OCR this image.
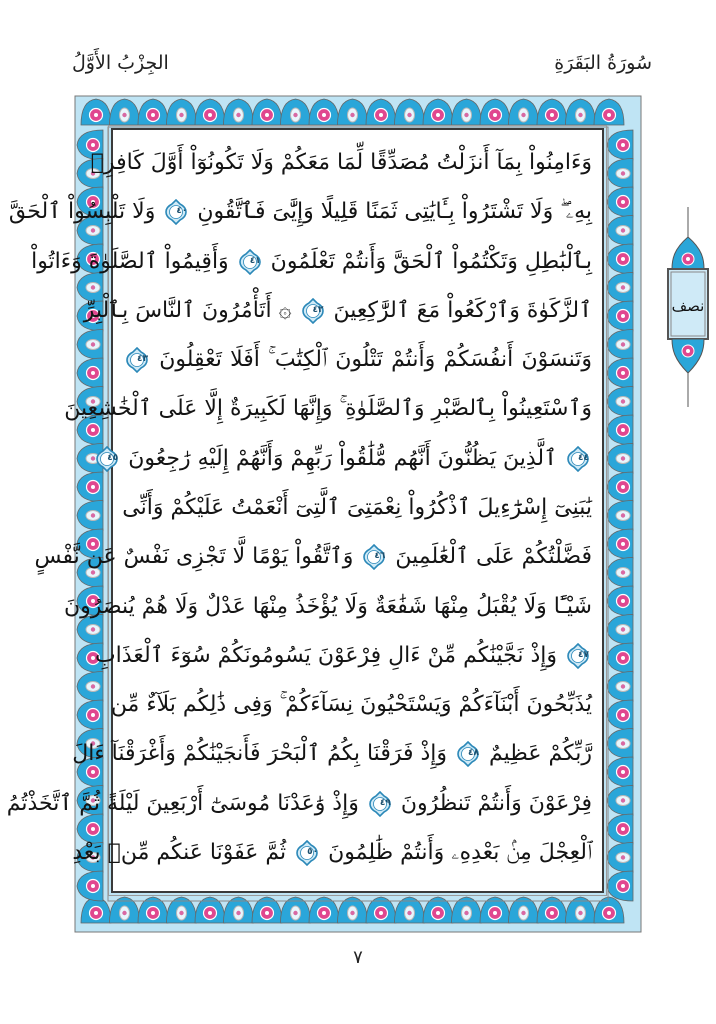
سُورَةُ البَقَرَةِ
الجِزْبُ الأَوَّلُ
وَءَامِنُواْ بِمَآ أَنزَلْتُ مُصَدِّقًا لِّمَا مَعَكُمْ وَلَا تَكُونُوٓاْ أَوَّلَ كَافِرِۭ
بِهِۦ ۖ وَلَا تَشْتَرُواْ بِـَٔايَٰتِى ثَمَنًا قَلِيلًا وَإِيَّٰىَ فَٱتَّقُونِ
٤٠
وَلَا تَلْبِسُواْ ٱلْحَقَّ
بِٱلْبَٰطِلِ وَتَكْتُمُواْ ٱلْحَقَّ وَأَنتُمْ تَعْلَمُونَ
٤١
وَأَقِيمُواْ ٱلصَّلَوٰةَ وَءَاتُواْ
ٱلزَّكَوٰةَ وَٱرْكَعُواْ مَعَ ٱلرَّٰكِعِينَ
٤٢
۞ أَتَأْمُرُونَ ٱلنَّاسَ بِٱلْبِرِّ
وَتَنسَوْنَ أَنفُسَكُمْ وَأَنتُمْ تَتْلُونَ ٱلْكِتَٰبَ ۚ أَفَلَا تَعْقِلُونَ
٤٣
وَٱسْتَعِينُواْ بِٱلصَّبْرِ وَٱلصَّلَوٰةِ ۚ وَإِنَّهَا لَكَبِيرَةٌ إِلَّا عَلَى ٱلْخَٰشِعِينَ
٤٤
ٱلَّذِينَ يَظُنُّونَ أَنَّهُم مُّلَٰقُواْ رَبِّهِمْ وَأَنَّهُمْ إِلَيْهِ رَٰجِعُونَ
٤٥
يَٰبَنِىٓ إِسْرَٰٓءِيلَ ٱذْكُرُواْ نِعْمَتِىَ ٱلَّتِىٓ أَنْعَمْتُ عَلَيْكُمْ وَأَنِّى
فَضَّلْتُكُمْ عَلَى ٱلْعَٰلَمِينَ
٤٦
وَٱتَّقُواْ يَوْمًا لَّا تَجْزِى نَفْسٌ عَن نَّفْسٍ
شَيْـًٔا وَلَا يُقْبَلُ مِنْهَا شَفَٰعَةٌ وَلَا يُؤْخَذُ مِنْهَا عَدْلٌ وَلَا هُمْ يُنصَرُونَ
٤٧
وَإِذْ نَجَّيْنَٰكُم مِّنْ ءَالِ فِرْعَوْنَ يَسُومُونَكُمْ سُوٓءَ ٱلْعَذَابِ
يُذَبِّحُونَ أَبْنَآءَكُمْ وَيَسْتَحْيُونَ نِسَآءَكُمْ ۚ وَفِى ذَٰلِكُم بَلَآءٌ مِّن
رَّبِّكُمْ عَظِيمٌ
٤٨
وَإِذْ فَرَقْنَا بِكُمُ ٱلْبَحْرَ فَأَنجَيْنَٰكُمْ وَأَغْرَقْنَآ ءَالَ
فِرْعَوْنَ وَأَنتُمْ تَنظُرُونَ
٤٩
وَإِذْ وَٰعَدْنَا مُوسَىٰٓ أَرْبَعِينَ لَيْلَةً ثُمَّ ٱتَّخَذْتُمُ
ٱلْعِجْلَ مِنۢ بَعْدِهِۦ وَأَنتُمْ ظَٰلِمُونَ
٥٠
ثُمَّ عَفَوْنَا عَنكُم مِّنۢ بَعْدِ
نصف
٧
